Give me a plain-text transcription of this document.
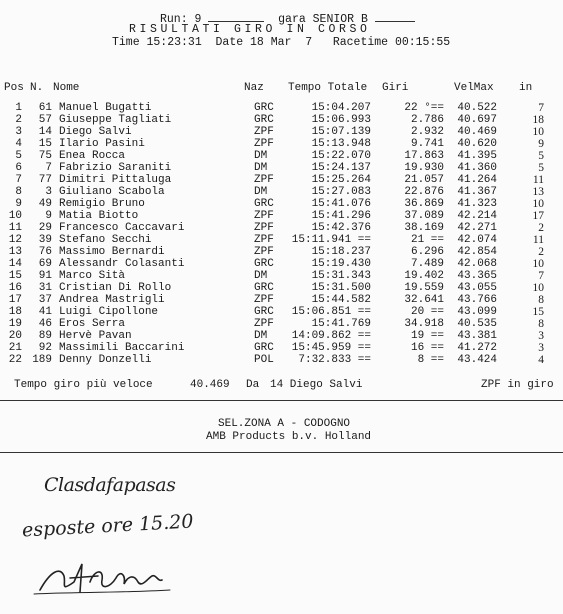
Run: 9	gara SENIOR B
RISULTATI GIRO IN CORSO
Time 15:23:31  Date 18 Mar  7   Racetime 00:15:55
Pos N. Nome	Naz Tempo Totale Giri	VelMax in
1	61 Manuel Bugatti	GRC	15:04.207	22 °==	40.522	7
2	57 Giuseppe Tagliati	GRC	15:06.993	2.786	40.697	18
3	14 Diego Salvi	ZPF	15:07.139	2.932	40.469	10
4	15 Ilario Pasini	ZPF	15:13.948	9.741	40.620	9
5	75 Enea Rocca	DM	15:22.070	17.863	41.395	5
6	7 Fabrizio Saraniti	DM	15:24.137	19.930	41.360	5
7	77 Dimitri Pittaluga	ZPF	15:25.264	21.057	41.264	11
8	3 Giuliano Scabola	DM	15:27.083	22.876	41.367	13
9	49 Remigio Bruno	GRC	15:41.076	36.869	41.323	10
10	9 Matia Biotto	ZPF	15:41.296	37.089	42.214	17
11	29 Francesco Caccavari	ZPF	15:42.376	38.169	42.271	2
12	39 Stefano Secchi	ZPF	15:11.941 ==	21 ==	42.074	11
13	76 Massimo Bernardi	ZPF	15:18.237	6.296	42.854	2
14	69 Alessandr Colasanti	GRC	15:19.430	7.489	42.068	10
15	91 Marco Sità	DM	15:31.343	19.402	43.365	7
16	31 Cristian Di Rollo	GRC	15:31.500	19.559	43.055	10
17	37 Andrea Mastrigli	ZPF	15:44.582	32.641	43.766	8
18	41 Luigi Cipollone	GRC	15:06.851 ==	20 ==	43.099	15
19	46 Eros Serra	ZPF	15:41.769	34.918	40.535	8
20	89 Hervè Pavan	DM	14:09.862 ==	19 ==	43.381	3
21	92 Massimili Baccarini	GRC	15:45.959 ==	16 ==	41.272	3
22 189 Denny Donzelli	POL	7:32.833 ==	8 ==	43.424	4
Tempo giro più veloce	40.469 Da 14 Diego Salvi	ZPF in giro
SEL.ZONA A - CODOGNO
AMB Products b.v. Holland
Clasdafapasas
esposte ore 15.20
